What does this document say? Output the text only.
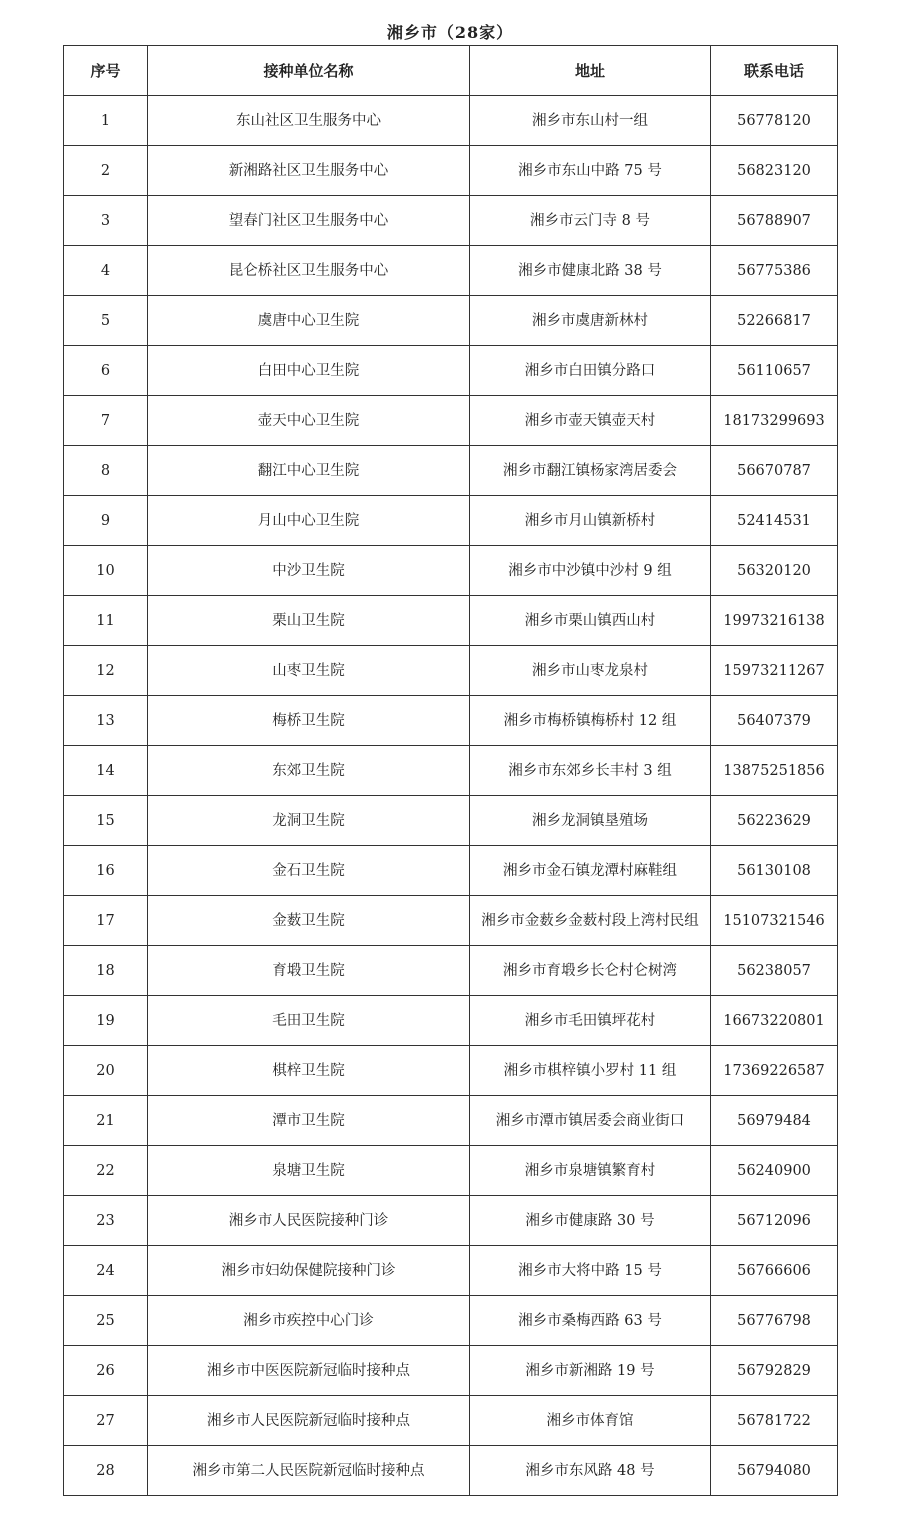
湘乡市（28家）
序号	接种单位名称	地址	联系电话
1	东山社区卫生服务中心	湘乡市东山村一组	56778120
2	新湘路社区卫生服务中心	湘乡市东山中路 75 号	56823120
3	望春门社区卫生服务中心	湘乡市云门寺 8 号	56788907
4	昆仑桥社区卫生服务中心	湘乡市健康北路 38 号	56775386
5	虞唐中心卫生院	湘乡市虞唐新林村	52266817
6	白田中心卫生院	湘乡市白田镇分路口	56110657
7	壶天中心卫生院	湘乡市壶天镇壶天村	18173299693
8	翻江中心卫生院	湘乡市翻江镇杨家湾居委会	56670787
9	月山中心卫生院	湘乡市月山镇新桥村	52414531
10	中沙卫生院	湘乡市中沙镇中沙村 9 组	56320120
11	栗山卫生院	湘乡市栗山镇西山村	19973216138
12	山枣卫生院	湘乡市山枣龙泉村	15973211267
13	梅桥卫生院	湘乡市梅桥镇梅桥村 12 组	56407379
14	东郊卫生院	湘乡市东郊乡长丰村 3 组	13875251856
15	龙洞卫生院	湘乡龙洞镇垦殖场	56223629
16	金石卫生院	湘乡市金石镇龙潭村麻鞋组	56130108
17	金薮卫生院	湘乡市金薮乡金薮村段上湾村民组	15107321546
18	育塅卫生院	湘乡市育塅乡长仑村仑树湾	56238057
19	毛田卫生院	湘乡市毛田镇坪花村	16673220801
20	棋梓卫生院	湘乡市棋梓镇小罗村 11 组	17369226587
21	潭市卫生院	湘乡市潭市镇居委会商业街口	56979484
22	泉塘卫生院	湘乡市泉塘镇繁育村	56240900
23	湘乡市人民医院接种门诊	湘乡市健康路 30 号	56712096
24	湘乡市妇幼保健院接种门诊	湘乡市大将中路 15 号	56766606
25	湘乡市疾控中心门诊	湘乡市桑梅西路 63 号	56776798
26	湘乡市中医医院新冠临时接种点	湘乡市新湘路 19 号	56792829
27	湘乡市人民医院新冠临时接种点	湘乡市体育馆	56781722
28	湘乡市第二人民医院新冠临时接种点	湘乡市东风路 48 号	56794080
